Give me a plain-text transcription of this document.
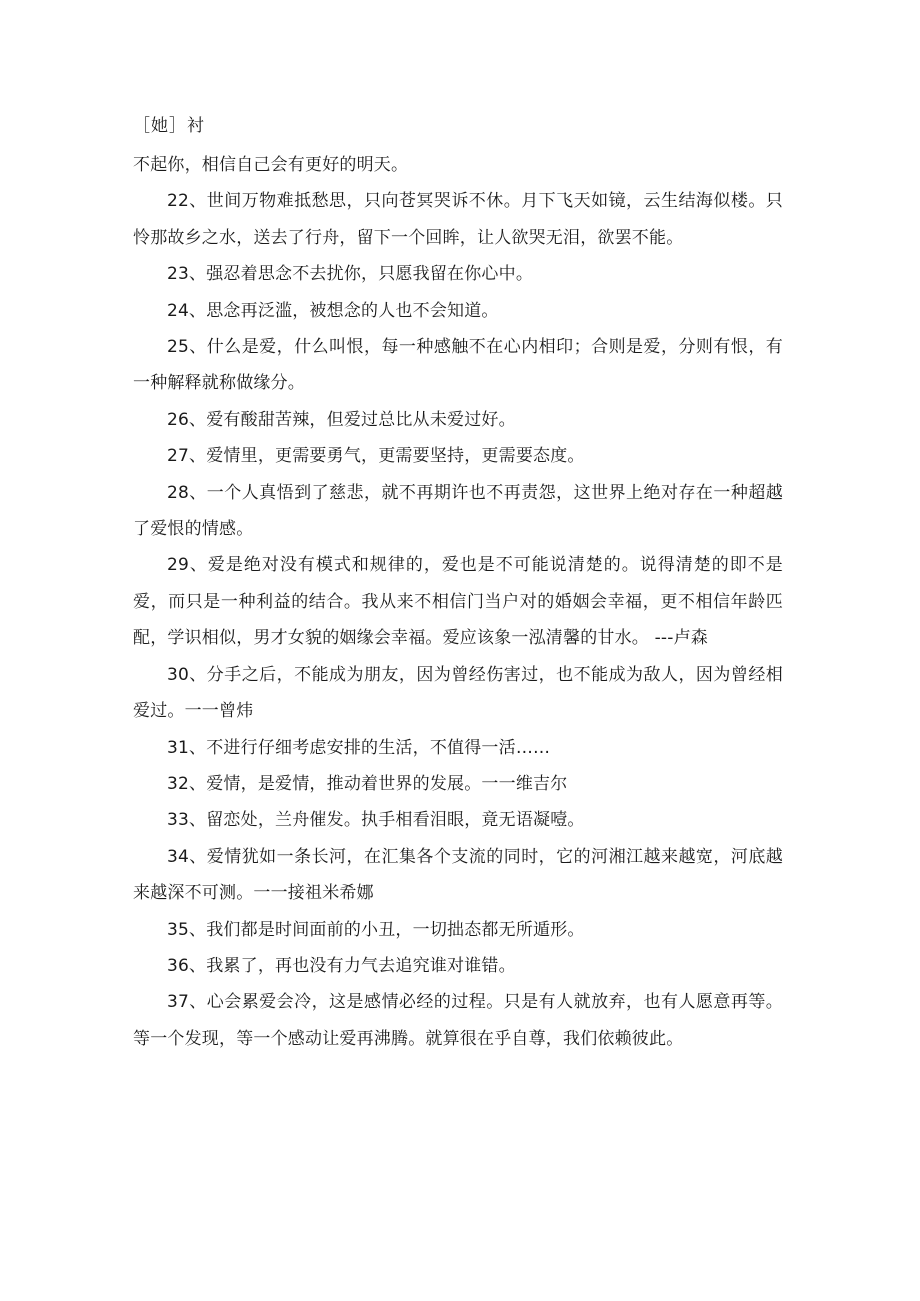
［她］衬

不起你，相信自己会有更好的明天。

22、世间万物难抵愁思，只向苍冥哭诉不休。月下飞天如镜，云生结海似楼。只怜那故乡之水，送去了行舟，留下一个回眸，让人欲哭无泪，欲罢不能。

23、强忍着思念不去扰你，只愿我留在你心中。

24、思念再泛滥，被想念的人也不会知道。

25、什么是爱，什么叫恨，每一种感触不在心内相印；合则是爱，分则有恨，有一种解释就称做缘分。

26、爱有酸甜苦辣，但爱过总比从未爱过好。

27、爱情里，更需要勇气，更需要坚持，更需要态度。

28、一个人真悟到了慈悲，就不再期许也不再责怨，这世界上绝对存在一种超越了爱恨的情感。

29、爱是绝对没有模式和规律的，爱也是不可能说清楚的。说得清楚的即不是爱，而只是一种利益的结合。我从来不相信门当户对的婚姻会幸福，更不相信年龄匹配，学识相似，男才女貌的姻缘会幸福。爱应该象一泓清馨的甘水。 ---卢森

30、分手之后，不能成为朋友，因为曾经伤害过，也不能成为敌人，因为曾经相爱过。一一曾炜

31、不进行仔细考虑安排的生活，不值得一活……

32、爱情，是爱情，推动着世界的发展。一一维吉尔

33、留恋处，兰舟催发。执手相看泪眼，竟无语凝噎。

34、爱情犹如一条长河，在汇集各个支流的同时，它的河湘江越来越宽，河底越来越深不可测。一一接祖米希娜

35、我们都是时间面前的小丑，一切拙态都无所遁形。

36、我累了，再也没有力气去追究谁对谁错。

37、心会累爱会冷，这是感情必经的过程。只是有人就放弃，也有人愿意再等。等一个发现，等一个感动让爱再沸腾。就算很在乎自尊，我们依赖彼此。
